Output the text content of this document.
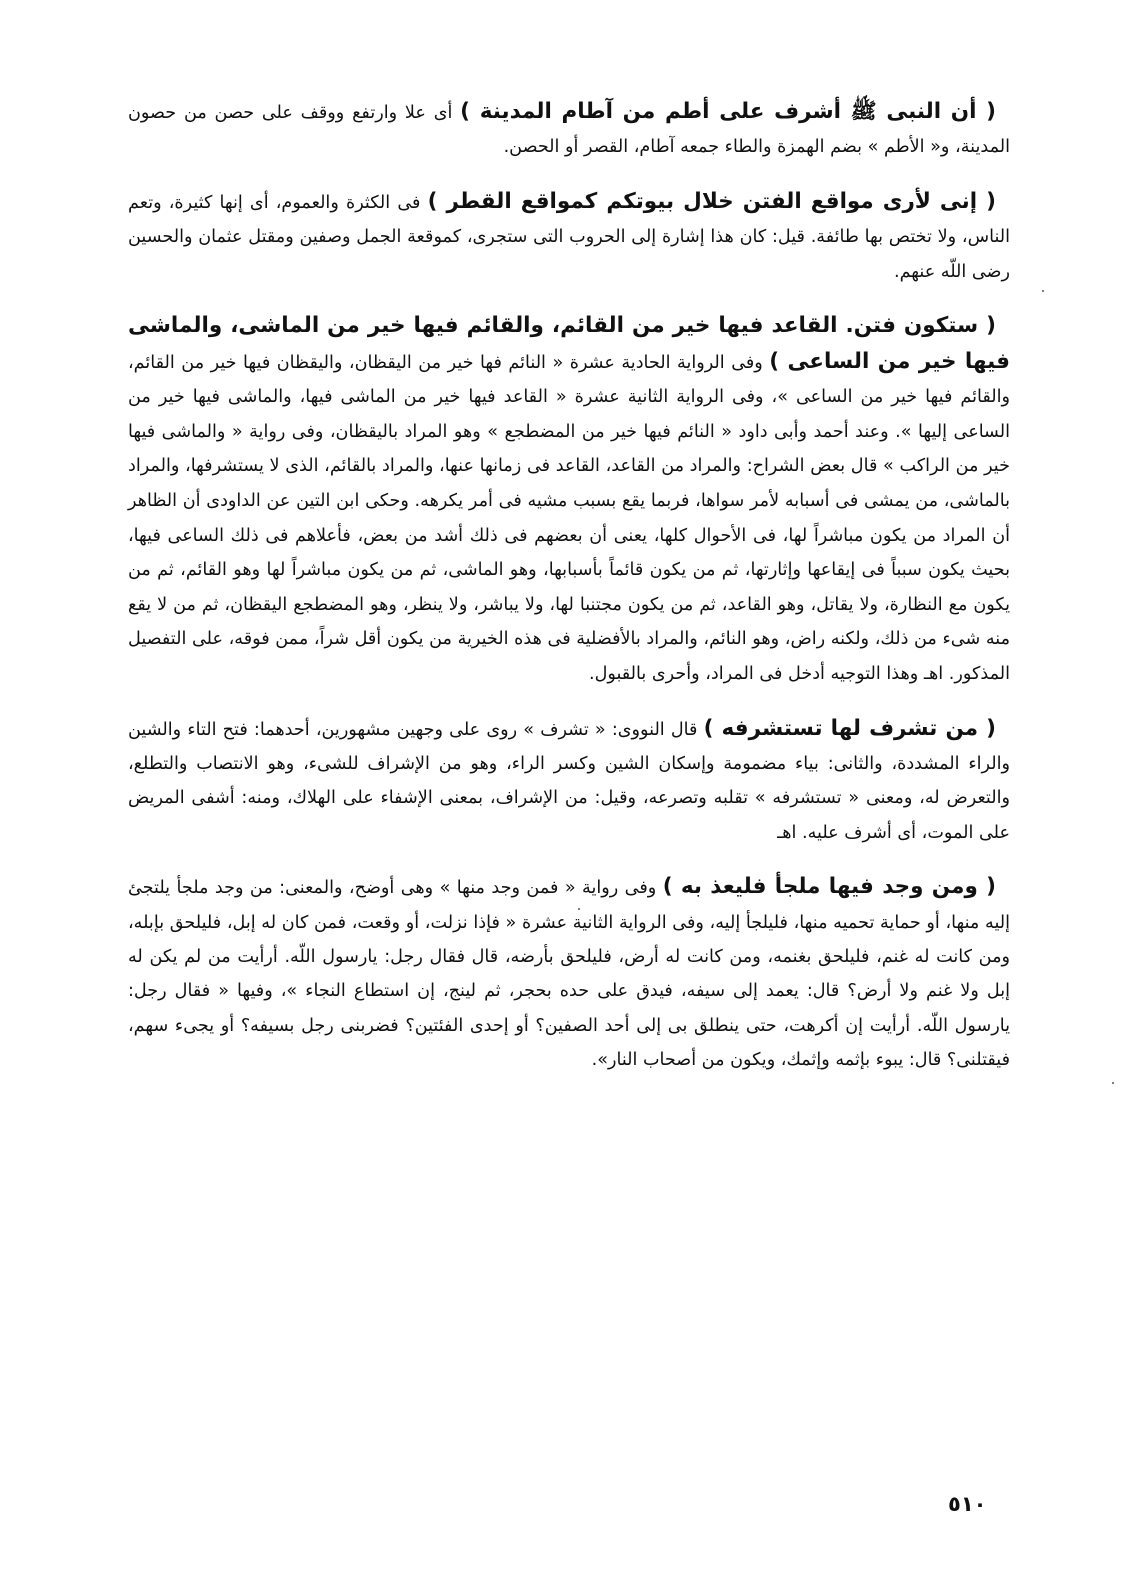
( أن النبى ﷺ أشرف على أطم من آطام المدينة ) أى علا وارتفع ووقف على حصن من حصون المدينة، و« الأطم » بضم الهمزة والطاء جمعه آطام، القصر أو الحصن.

( إنى لأرى مواقع الفتن خلال بيوتكم كمواقع القطر ) فى الكثرة والعموم، أى إنها كثيرة، وتعم الناس، ولا تختص بها طائفة. قيل: كان هذا إشارة إلى الحروب التى ستجرى، كموقعة الجمل وصفين ومقتل عثمان والحسين رضى اللّه عنهم.

( ستكون فتن. القاعد فيها خير من القائم، والقائم فيها خير من الماشى، والماشى فيها خير من الساعى ) وفى الرواية الحادية عشرة « النائم فها خير من اليقظان، واليقظان فيها خير من القائم، والقائم فيها خير من الساعى »، وفى الرواية الثانية عشرة « القاعد فيها خير من الماشى فيها، والماشى فيها خير من الساعى إليها ». وعند أحمد وأبى داود « النائم فيها خير من المضطجع » وهو المراد باليقظان، وفى رواية « والماشى فيها خير من الراكب » قال بعض الشراح: والمراد من القاعد، القاعد فى زمانها عنها، والمراد بالقائم، الذى لا يستشرفها، والمراد بالماشى، من يمشى فى أسبابه لأمر سواها، فربما يقع بسبب مشيه فى أمر يكرهه. وحكى ابن التين عن الداودى أن الظاهر أن المراد من يكون مباشراً لها، فى الأحوال كلها، يعنى أن بعضهم فى ذلك أشد من بعض، فأعلاهم فى ذلك الساعى فيها، بحيث يكون سبباً فى إيقاعها وإثارتها، ثم من يكون قائماً بأسبابها، وهو الماشى، ثم من يكون مباشراً لها وهو القائم، ثم من يكون مع النظارة، ولا يقاتل، وهو القاعد، ثم من يكون مجتنبا لها، ولا يباشر، ولا ينظر، وهو المضطجع اليقظان، ثم من لا يقع منه شىء من ذلك، ولكنه راض، وهو النائم، والمراد بالأفضلية فى هذه الخيرية من يكون أقل شراً، ممن فوقه، على التفصيل المذكور. اهـ وهذا التوجيه أدخل فى المراد، وأحرى بالقبول.

( من تشرف لها تستشرفه ) قال النووى: « تشرف » روى على وجهين مشهورين، أحدهما: فتح التاء والشين والراء المشددة، والثانى: بياء مضمومة وإسكان الشين وكسر الراء، وهو من الإشراف للشىء، وهو الانتصاب والتطلع، والتعرض له، ومعنى « تستشرفه » تقلبه وتصرعه، وقيل: من الإشراف، بمعنى الإشفاء على الهلاك، ومنه: أشفى المريض على الموت، أى أشرف عليه. اهـ

( ومن وجد فيها ملجأ فليعذ به ) وفى رواية « فمن وجد منها » وهى أوضح، والمعنى: من وجد ملجأ يلتجئ إليه منها، أو حماية تحميه منها، فليلجأ إليه، وفى الرواية الثانية عشرة « فإذا نزلت، أو وقعت، فمن كان له إبل، فليلحق بإبله، ومن كانت له غنم، فليلحق بغنمه، ومن كانت له أرض، فليلحق بأرضه، قال فقال رجل: يارسول اللّه. أرأيت من لم يكن له إبل ولا غنم ولا أرض؟ قال: يعمد إلى سيفه، فيدق على حده بحجر، ثم لينج، إن استطاع النجاء »، وفيها « فقال رجل: يارسول اللّه. أرأيت إن أكرهت، حتى ينطلق بى إلى أحد الصفين؟ أو إحدى الفئتين؟ فضربنى رجل بسيفه؟ أو يجىء سهم، فيقتلنى؟ قال: يبوء بإثمه وإثمك، ويكون من أصحاب النار».

٥١٠
